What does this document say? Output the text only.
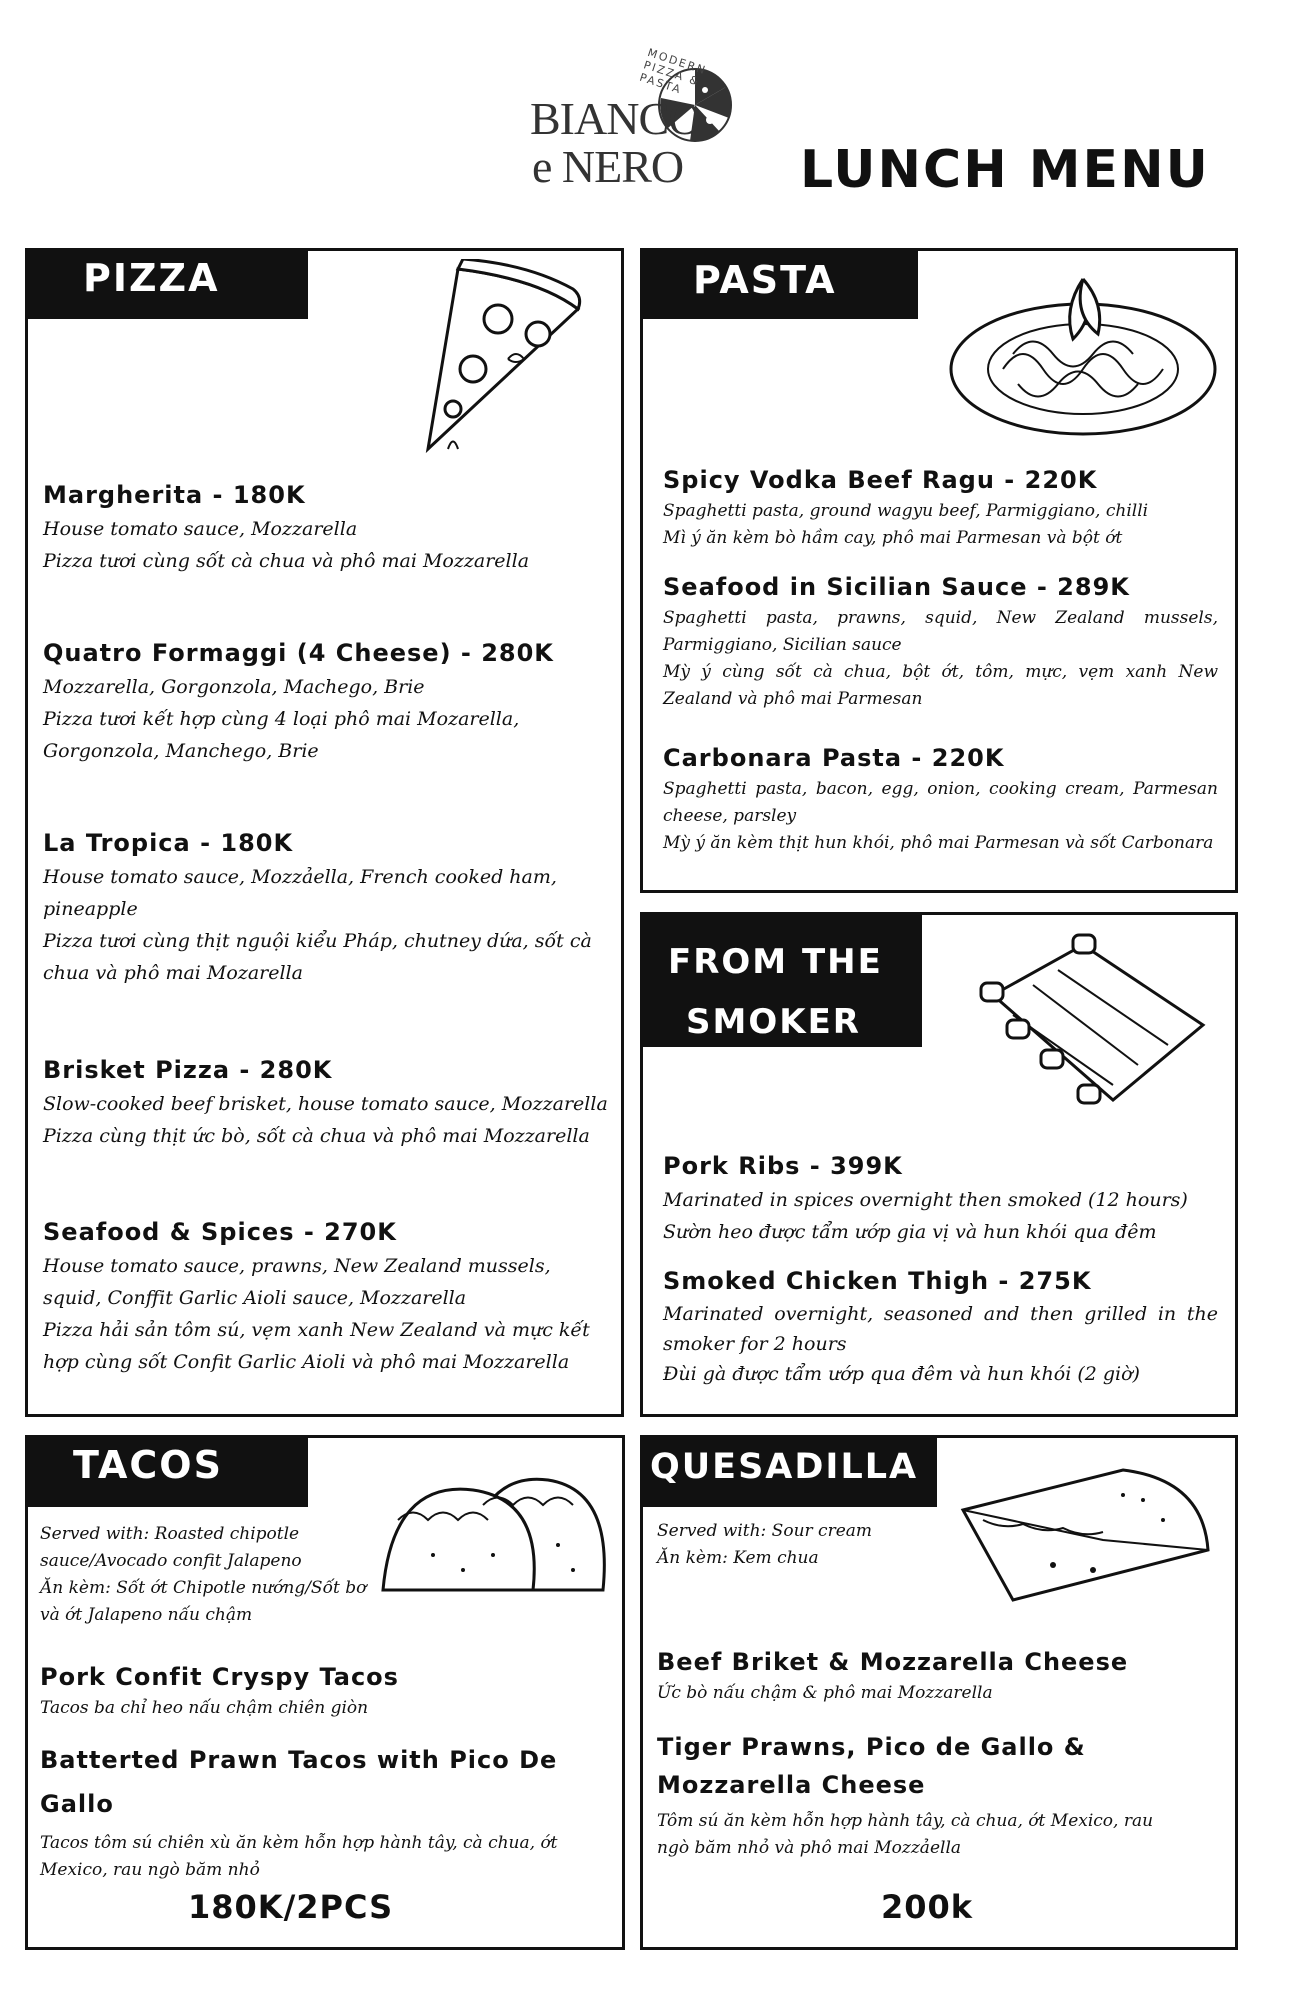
BIANCO
e NERO
MODERN PIZZA & PASTA
LUNCH MENU
PIZZA

Margherita - 180K

House tomato sauce, Mozzarella

Pizza tươi cùng sốt cà chua và phô mai Mozzarella

Quatro Formaggi (4 Cheese) - 280K

Mozzarella, Gorgonzola, Machego, Brie

Pizza tươi kết hợp cùng 4 loại phô mai Mozarella, Gorgonzola, Manchego, Brie

La Tropica - 180K

House tomato sauce, Mozzảella, French cooked ham, pineapple

Pizza tươi cùng thịt nguội kiểu Pháp, chutney dứa, sốt cà chua và phô mai Mozarella

Brisket Pizza - 280K

Slow-cooked beef brisket, house tomato sauce, Mozzarella

Pizza cùng thịt ức bò, sốt cà chua và phô mai Mozzarella

Seafood & Spices - 270K

House tomato sauce, prawns, New Zealand mussels, squid, Conffit Garlic Aioli sauce, Mozzarella

Pizza hải sản tôm sú, vẹm xanh New Zealand và mực kết hợp cùng sốt Confit Garlic Aioli và phô mai Mozzarella

PASTA

Spicy Vodka Beef Ragu - 220K

Spaghetti pasta, ground wagyu beef, Parmiggiano, chilli

Mì ý ăn kèm bò hầm cay, phô mai Parmesan và bột ớt

Seafood in Sicilian Sauce - 289K

Spaghetti pasta, prawns, squid, New Zealand mussels, Parmiggiano, Sicilian sauce

Mỳ ý cùng sốt cà chua, bột ớt, tôm, mực, vẹm xanh New Zealand và phô mai Parmesan

Carbonara Pasta - 220K

Spaghetti pasta, bacon, egg, onion, cooking cream, Parmesan cheese, parsley

Mỳ ý ăn kèm thịt hun khói, phô mai Parmesan và sốt Carbonara

FROM THE
SMOKER

Pork Ribs - 399K

Marinated in spices overnight then smoked (12 hours)

Sườn heo được tẩm ướp gia vị và hun khói qua đêm

Smoked Chicken Thigh - 275K

Marinated overnight, seasoned and then grilled in the smoker for 2 hours

Đùi gà được tẩm ướp qua đêm và hun khói (2 giờ)

TACOS

Served with: Roasted chipotle sauce/Avocado confit Jalapeno

Ăn kèm: Sốt ớt Chipotle nướng/Sốt bơ và ớt Jalapeno nấu chậm

Pork Confit Cryspy Tacos

Tacos ba chỉ heo nấu chậm chiên giòn

Batterted Prawn Tacos with Pico De Gallo

Tacos tôm sú chiên xù ăn kèm hỗn hợp hành tây, cà chua, ớt Mexico, rau ngò băm nhỏ

180K/2PCS
QUESADILLA

Served with: Sour cream

Ăn kèm: Kem chua

Beef Briket & Mozzarella Cheese

Ức bò nấu chậm & phô mai Mozzarella

Tiger Prawns, Pico de Gallo & Mozzarella Cheese

Tôm sú ăn kèm hỗn hợp hành tây, cà chua, ớt Mexico, rau ngò băm nhỏ và phô mai Mozzảella

200k
